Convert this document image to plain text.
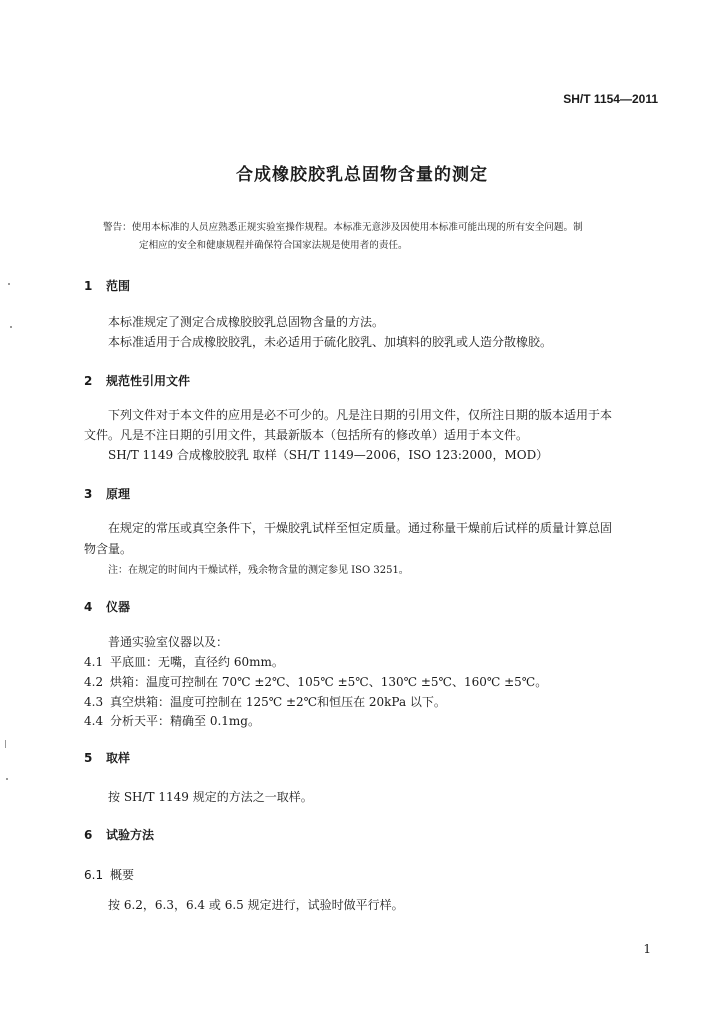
SH/T 1154—2011
合成橡胶胶乳总固物含量的测定
警告：使用本标准的人员应熟悉正规实验室操作规程。本标准无意涉及因使用本标准可能出现的所有安全问题。制
定相应的安全和健康规程并确保符合国家法规是使用者的责任。
1 范围
本标准规定了测定合成橡胶胶乳总固物含量的方法。
本标准适用于合成橡胶胶乳，未必适用于硫化胶乳、加填料的胶乳或人造分散橡胶。
2 规范性引用文件
下列文件对于本文件的应用是必不可少的。凡是注日期的引用文件，仅所注日期的版本适用于本
文件。凡是不注日期的引用文件，其最新版本（包括所有的修改单）适用于本文件。
SH/T 1149 合成橡胶胶乳 取样（SH/T 1149—2006，ISO 123:2000，MOD）
3 原理
在规定的常压或真空条件下，干燥胶乳试样至恒定质量。通过称量干燥前后试样的质量计算总固
物含量。
注：在规定的时间内干燥试样，残余物含量的测定参见 ISO 3251。
4 仪器
普通实验室仪器以及：
4.1 平底皿：无嘴，直径约 60mm。
4.2 烘箱：温度可控制在 70℃ ±2℃、105℃ ±5℃、130℃ ±5℃、160℃ ±5℃。
4.3 真空烘箱：温度可控制在 125℃ ±2℃和恒压在 20kPa 以下。
4.4 分析天平：精确至 0.1mg。
5 取样
按 SH/T 1149 规定的方法之一取样。
6 试验方法
6.1 概要
按 6.2，6.3，6.4 或 6.5 规定进行，试验时做平行样。
1
